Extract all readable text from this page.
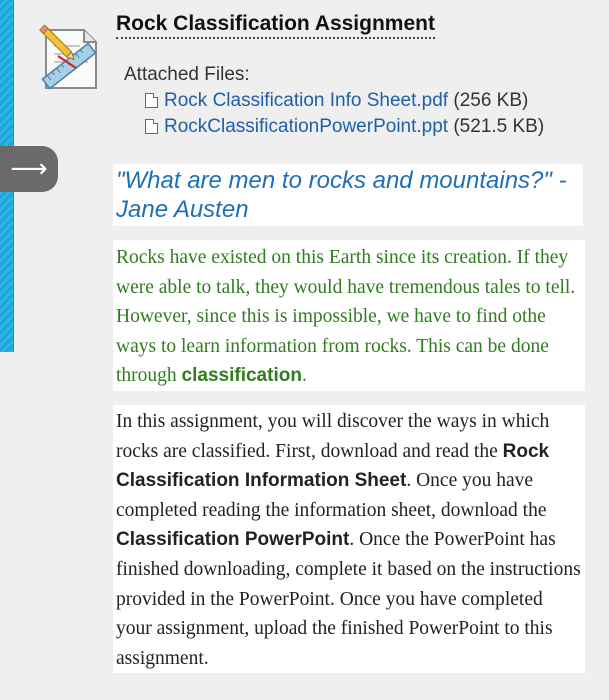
⟶
Rock Classification Assignment
Attached Files:
Rock Classification Info Sheet.pdf (256 KB)
RockClassificationPowerPoint.ppt (521.5 KB)
"What are men to rocks and mountains?" - Jane Austen
Rocks have existed on this Earth since its creation. If they were able to talk, they would have tremendous tales to tell. However, since this is impossible, we have to find othe ways to learn information from rocks. This can be done through classification.
In this assignment, you will discover the ways in which rocks are classified. First, download and read the Rock Classification Information Sheet. Once you have completed reading the information sheet, download the Classification PowerPoint. Once the PowerPoint has finished downloading, complete it based on the instructions provided in the PowerPoint. Once you have completed your assignment, upload the finished PowerPoint to this assignment.
